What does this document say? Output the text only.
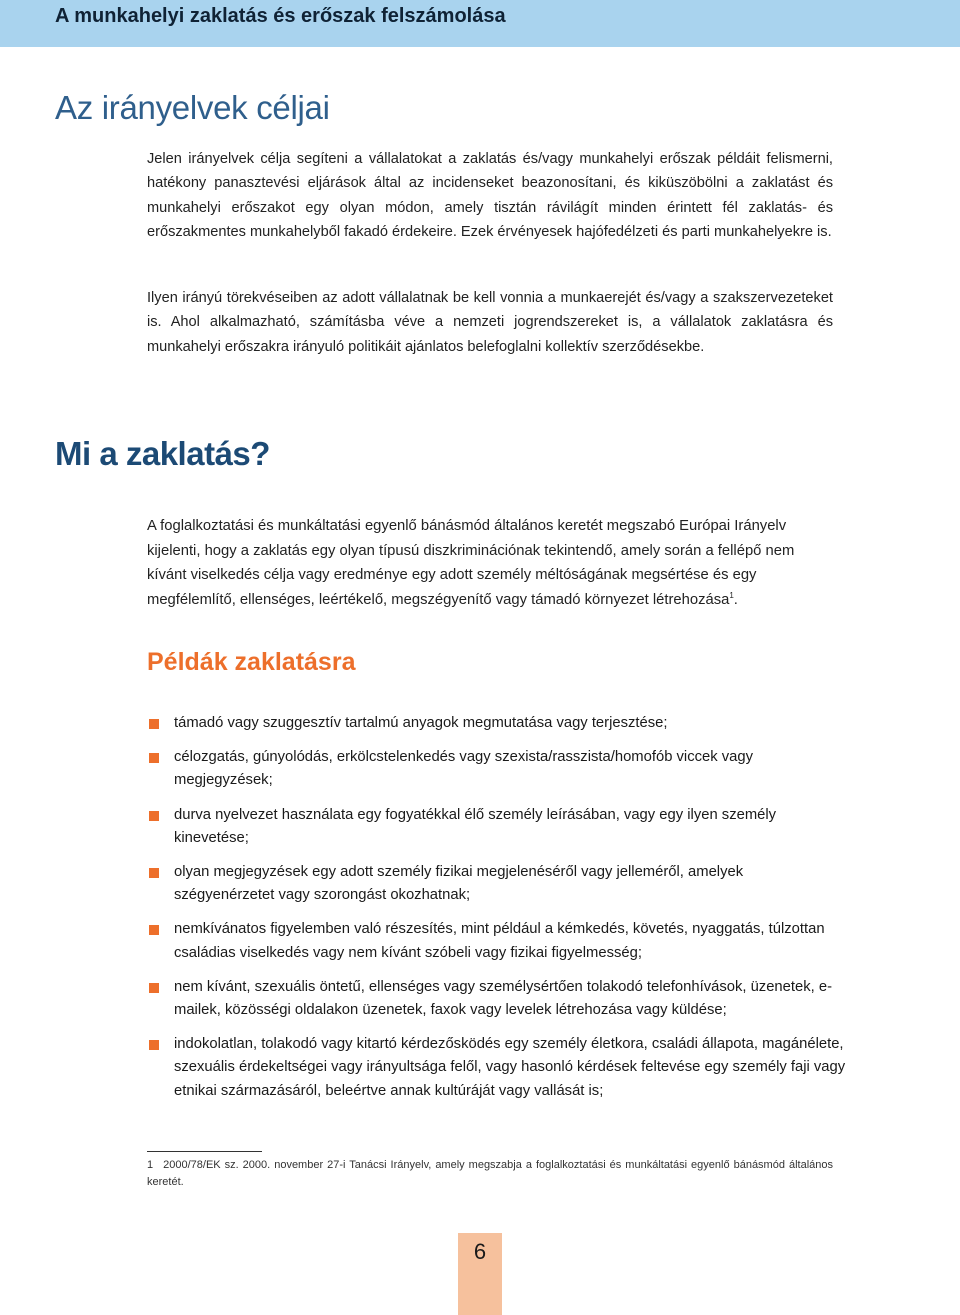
A munkahelyi zaklatás és erőszak felszámolása
Az irányelvek céljai

Jelen irányelvek célja segíteni a vállalatokat a zaklatás és/vagy munkahelyi erőszak példáit felismerni, hatékony panasztevési eljárások által az incidenseket beazonosítani, és kiküszöbölni a zaklatást és munkahelyi erőszakot egy olyan módon, amely tisztán rávilágít minden érintett fél zaklatás- és erőszakmentes munkahelyből fakadó érdekeire. Ezek érvényesek hajófedélzeti és parti munkahelyekre is.

Ilyen irányú törekvéseiben az adott vállalatnak be kell vonnia a munkaerejét és/vagy a szakszervezeteket is. Ahol alkalmazható, számításba véve a nemzeti jogrendszereket is, a vállalatok zaklatásra és munkahelyi erőszakra irányuló politikáit ajánlatos belefoglalni kollektív szerződésekbe.

Mi a zaklatás?

A foglalkoztatási és munkáltatási egyenlő bánásmód általános keretét megszabó Európai Irányelv kijelenti, hogy a zaklatás egy olyan típusú diszkriminációnak tekintendő, amely során a fellépő nem kívánt viselkedés célja vagy eredménye egy adott személy méltóságának megsértése és egy megfélemlítő, ellenséges, leértékelő, megszégyenítő vagy támadó környezet létrehozása$^1$.

Példák zaklatásra
támadó vagy szuggesztív tartalmú anyagok megmutatása vagy terjesztése;
célozgatás, gúnyolódás, erkölcstelenkedés vagy szexista/rasszista/homofób viccek vagy megjegyzések;
durva nyelvezet használata egy fogyatékkal élő személy leírásában, vagy egy ilyen személy kinevetése;
olyan megjegyzések egy adott személy fizikai megjelenéséről vagy jelleméről, amelyek szégyenérzetet vagy szorongást okozhatnak;
nemkívánatos figyelemben való részesítés, mint például a kémkedés, követés, nyaggatás, túlzottan családias viselkedés vagy nem kívánt szóbeli vagy fizikai figyelmesség;
nem kívánt, szexuális öntetű, ellenséges vagy személysértően tolakodó telefonhívások, üzenetek, e-mailek, közösségi oldalakon üzenetek, faxok vagy levelek létrehozása vagy küldése;
indokolatlan, tolakodó vagy kitartó kérdezősködés egy személy életkora, családi állapota, magánélete, szexuális érdekeltségei vagy irányultsága felől, vagy hasonló kérdések feltevése egy személy faji vagy etnikai származásáról, beleértve annak kultúráját vagy vallását is;
1 2000/78/EK sz. 2000. november 27-i Tanácsi Irányelv, amely megszabja a foglalkoztatási és munkáltatási egyenlő bánásmód általános keretét.
6
